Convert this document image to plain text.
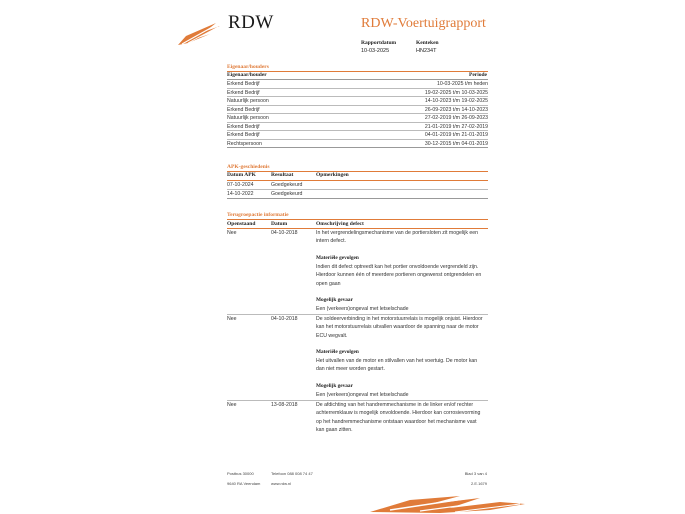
RDW	RDW-Voertuigrapport
Rapportdatum
10-03-2025
Kenteken
HN234T
Eigenaar/houders
Eigenaar/houder	Periode
Erkend Bedrijf	10-03-2025 t/m heden
Erkend Bedrijf	19-02-2025 t/m 10-03-2025
Natuurlijk persoon	14-10-2023 t/m 19-02-2025
Erkend Bedrijf	26-09-2023 t/m 14-10-2023
Natuurlijk persoon	27-02-2019 t/m 26-09-2023
Erkend Bedrijf	21-01-2019 t/m 27-02-2019
Erkend Bedrijf	04-01-2019 t/m 21-01-2019
Rechtspersoon	30-12-2015 t/m 04-01-2019
APK-geschiedenis
Datum APK	Resultaat	Opmerkingen
07-10-2024	Goedgekeurd
14-10-2022	Goedgekeurd
Terugroepactie informatie
Openstaand	Datum	Omschrijving defect
Nee	04-10-2018	In het vergrendelingsmechanisme van de portiersloten zit mogelijk een intern defect.
Materiële gevolgen
Indien dit defect optreedt kan het portier onvoldoende vergrendeld zijn. Hierdoor kunnen één of meerdere portieren ongewenst ontgrendelen en open gaan
Mogelijk gevaar
Een (verkeers)ongeval met letselschade
Nee	04-10-2018	De soldeerverbinding in het motorstuurrelais is mogelijk onjuist. Hierdoor kan het motorstuurrelais uitvallen waardoor de spanning naar de motor ECU wegvalt.
Materiële gevolgen
Het uitvallen van de motor en stilvallen van het voertuig. De motor kan dan niet meer worden gestart.
Mogelijk gevaar
Een (verkeers)ongeval met letselschade
Nee	13-08-2018	De afdichting van het handremmechanisme in de linker en/of rechter achterremklauw is mogelijk onvoldoende. Hierdoor kan corrosievorming op het handremmechanisme ontstaan waardoor het mechanisme vast kan gaan zitten.
Postbus 30000
9640 RA Veendam
Telefoon 088 008 74 47
www.rdw.nl
Blad 3 van 4
2.E.1679
